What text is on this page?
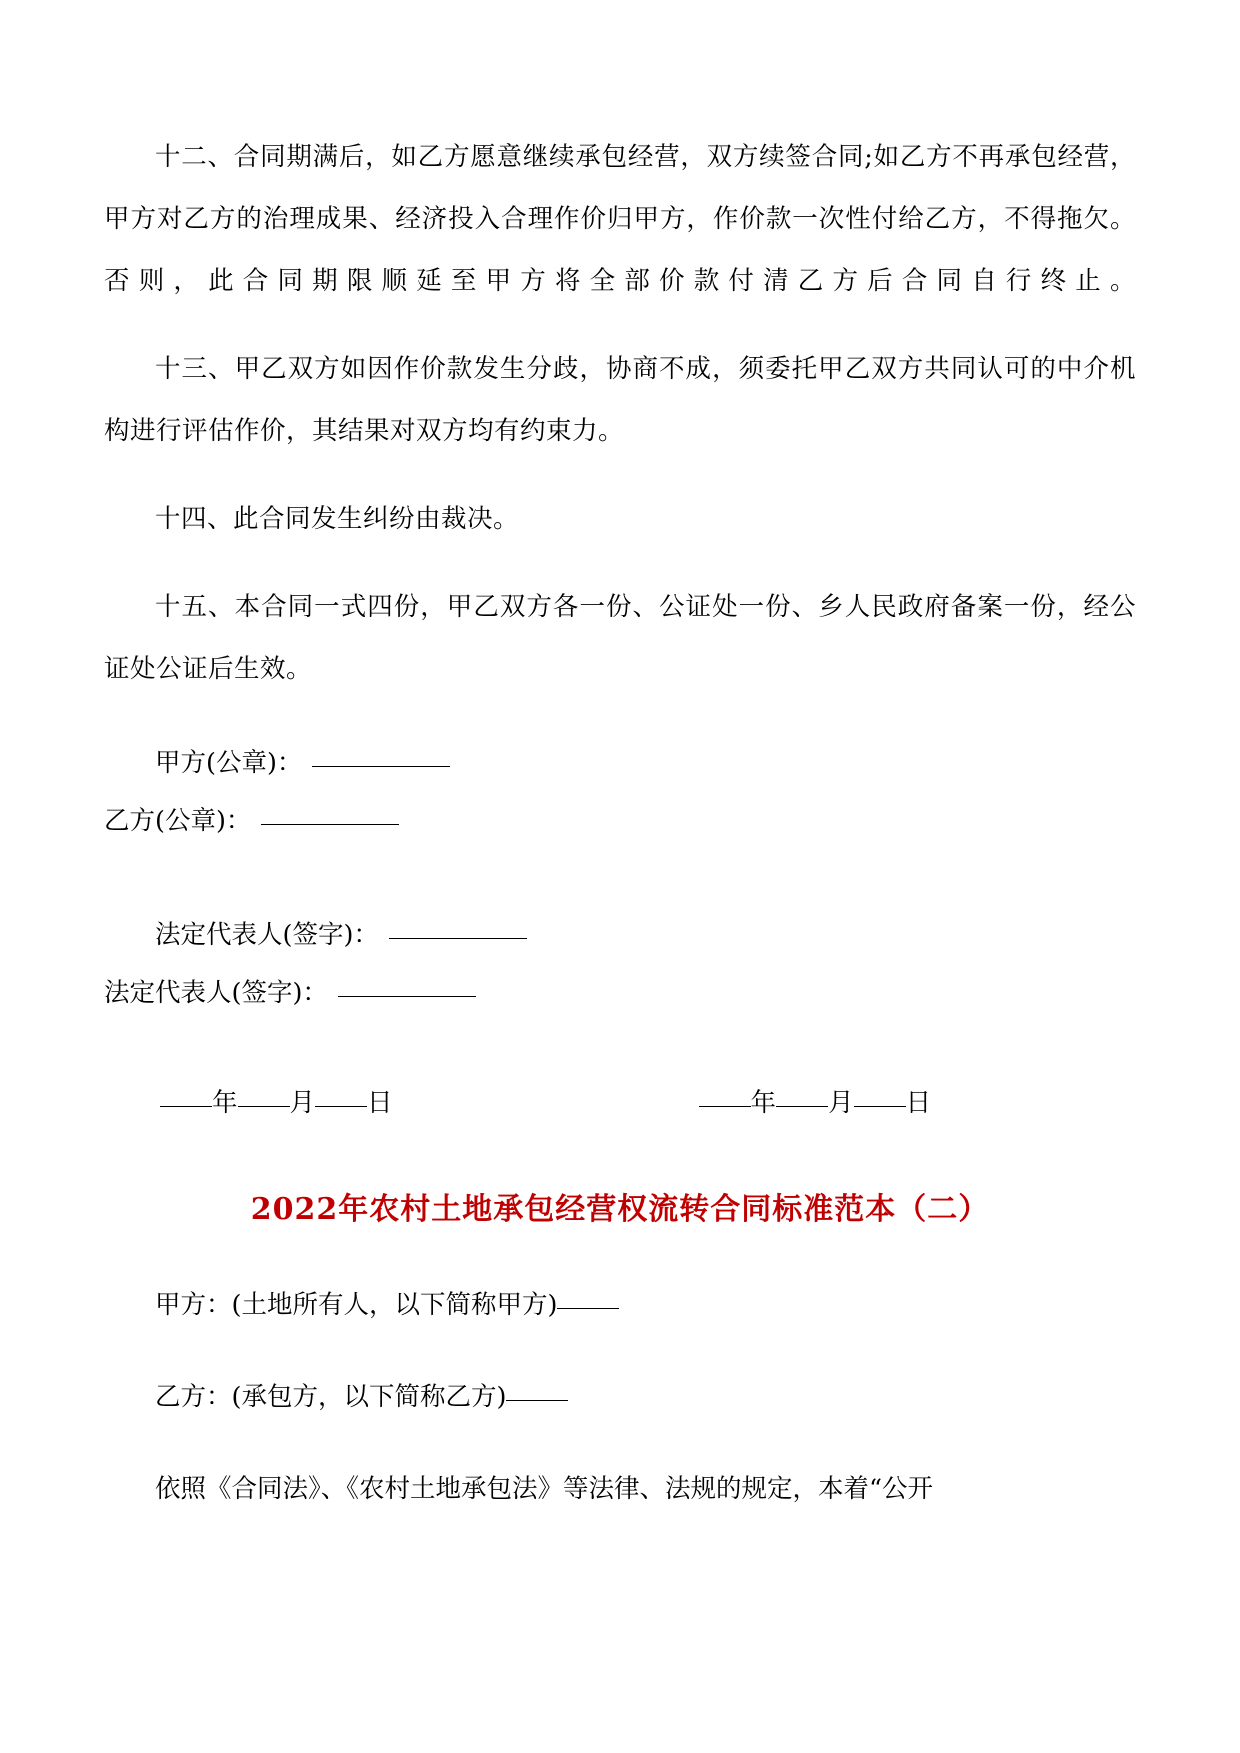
十二、合同期满后，如乙方愿意继续承包经营，双方续签合同;如乙方不再承包经营，甲方对乙方的治理成果、经济投入合理作价归甲方，作价款一次性付给乙方，不得拖欠。否则，此合同期限顺延至甲方将全部价款付清乙方后合同自行终止。

十三、甲乙双方如因作价款发生分歧，协商不成，须委托甲乙双方共同认可的中介机构进行评估作价，其结果对双方均有约束力。

十四、此合同发生纠纷由裁决。

十五、本合同一式四份，甲乙双方各一份、公证处一份、乡人民政府备案一份，经公证处公证后生效。

甲方(公章)：

乙方(公章)：

法定代表人(签字)：

法定代表人(签字)：

年 月 日	年 月 日
2022年农村土地承包经营权流转合同标准范本（二）

甲方：(土地所有人，以下简称甲方)

乙方：(承包方，以下简称乙方)

依照《合同法》、《农村土地承包法》等法律、法规的规定，本着“公开
